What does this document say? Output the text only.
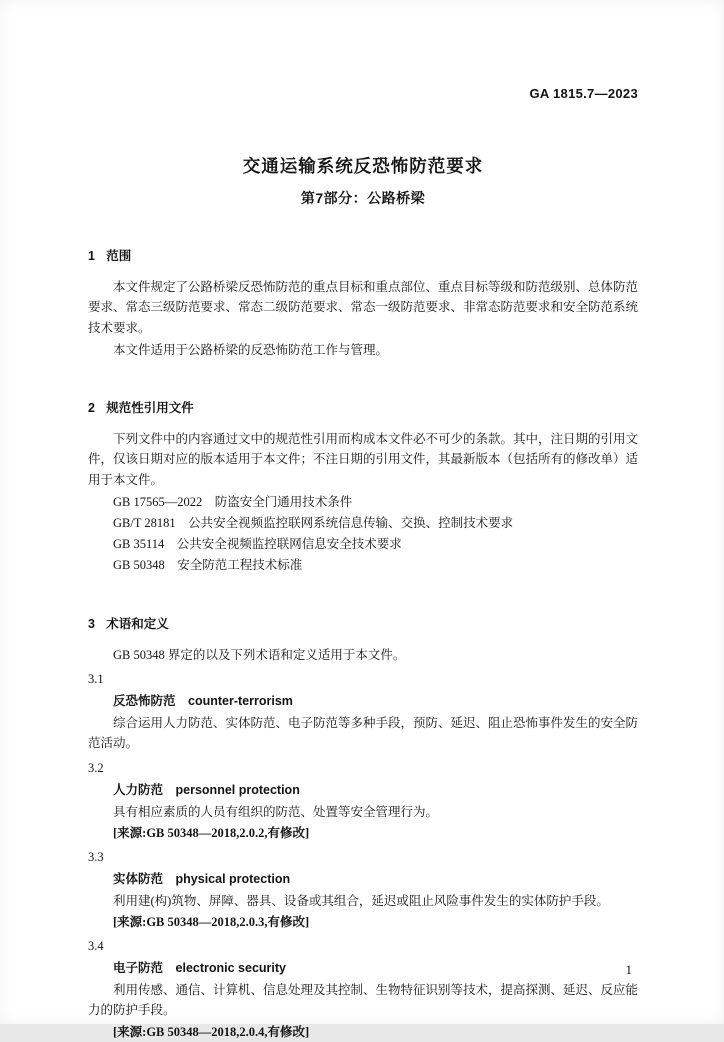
GA 1815.7—2023
交通运输系统反恐怖防范要求
第7部分：公路桥梁
1 范围

本文件规定了公路桥梁反恐怖防范的重点目标和重点部位、重点目标等级和防范级别、总体防范要求、常态三级防范要求、常态二级防范要求、常态一级防范要求、非常态防范要求和安全防范系统技术要求。

本文件适用于公路桥梁的反恐怖防范工作与管理。

2 规范性引用文件

下列文件中的内容通过文中的规范性引用而构成本文件必不可少的条款。其中，注日期的引用文件，仅该日期对应的版本适用于本文件；不注日期的引用文件，其最新版本（包括所有的修改单）适用于本文件。

GB 17565—2022 防盗安全门通用技术条件
GB/T 28181 公共安全视频监控联网系统信息传输、交换、控制技术要求
GB 35114 公共安全视频监控联网信息安全技术要求
GB 50348 安全防范工程技术标准
3 术语和定义

GB 50348 界定的以及下列术语和定义适用于本文件。

3.1
反恐怖防范 counter-terrorism

综合运用人力防范、实体防范、电子防范等多种手段，预防、延迟、阻止恐怖事件发生的安全防范活动。

3.2
人力防范 personnel protection

具有相应素质的人员有组织的防范、处置等安全管理行为。

[来源:GB 50348—2018,2.0.2,有修改]

3.3
实体防范 physical protection

利用建(构)筑物、屏障、器具、设备或其组合，延迟或阻止风险事件发生的实体防护手段。

[来源:GB 50348—2018,2.0.3,有修改]

3.4
电子防范 electronic security

利用传感、通信、计算机、信息处理及其控制、生物特征识别等技术，提高探测、延迟、反应能力的防护手段。

[来源:GB 50348—2018,2.0.4,有修改]

1
